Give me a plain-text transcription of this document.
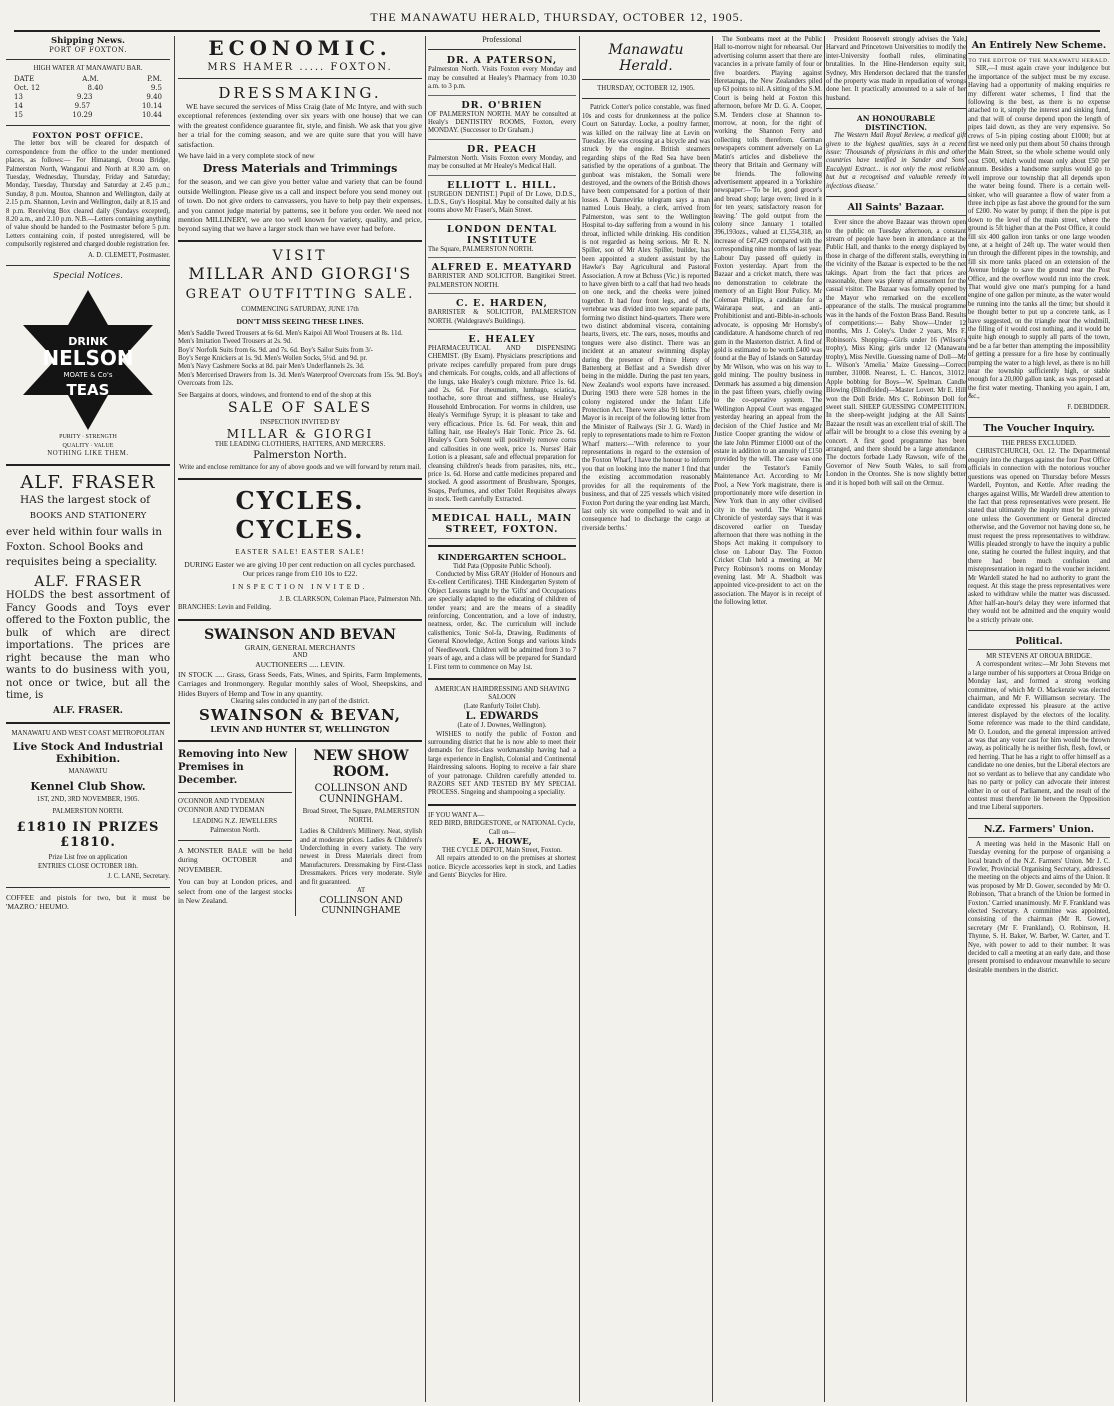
THE MANAWATU HERALD, THURSDAY, OCTOBER 12, 1905.
Shipping News.
PORT OF FOXTON.
HIGH WATER AT MANAWATU BAR.
DATE	A.M.	P.M.
Oct. 12	8.40	9.5
13	9.23	9.40
14	9.57	10.14
15	10.29	10.44
FOXTON POST OFFICE.
The letter box will be cleared for despatch of correspondence from the office to the under mentioned places, as follows:— For Himatangi, Oroua Bridge, Palmerston North, Wanganui and North at 8.30 a.m. on Tuesday, Wednesday, Thursday, Friday and Saturday; Monday, Tuesday, Thursday and Saturday at 2.45 p.m.; Sunday, 8 p.m. Moutoa, Shannon and Wellington, daily at 2.15 p.m. Shannon, Levin and Wellington, daily at 8.15 and 8 p.m. Receiving Box cleared daily (Sundays excepted), 8.20 a.m., and 2.10 p.m. N.B.—Letters containing anything of value should be handed to the Postmaster before 5 p.m. Letters containing coin, if posted unregistered, will be compulsorily registered and charged double registration fee.
A. D. CLEMETT, Postmaster.
Special Notices.
DRINK
NELSON
MOATE & Co's
TEAS
PURITY · STRENGTH
QUALITY · VALUE
NOTHING LIKE THEM.
ALF. FRASER
HAS the largest stock of
BOOKS AND STATIONERY
ever held within four walls in Foxton. School Books and requisites being a speciality.
ALF. FRASER
HOLDS the best assortment of Fancy Goods and Toys ever offered to the Foxton public, the bulk of which are direct importations. The prices are right because the man who wants to do business with you, not once or twice, but all the time, is
ALF. FRASER.
MANAWATU AND WEST COAST METROPOLITAN
Live Stock And Industrial Exhibition.
MANAWATU
Kennel Club Show.
1ST, 2ND, 3RD NOVEMBER, 1905.
PALMERSTON NORTH.
£1810 IN PRIZES £1810.
Prize List free on application
ENTRIES CLOSE OCTOBER 18th.
J. C. LANE, Secretary.
COFFEE and pistols for two, but it must be 'MAZRO.' HEUMO.
ECONOMIC.
MRS HAMER ..... FOXTON.
DRESSMAKING.
WE have secured the services of Miss Craig (late of Mc Intyre, and with such exceptional references (extending over six years with one house) that we can with the greatest confidence guarantee fit, style, and finish. We ask that you give her a trial for the coming season, and we are quite sure that you will have satisfaction.
We have laid in a very complete stock of new
Dress Materials and Trimmings
for the season, and we can give you better value and variety that can be found outside Wellington. Please give us a call and inspect before you send money out of town. Do not give orders to canvassers, you have to help pay their expenses, and you cannot judge material by patterns, see it before you order. We need not mention MILLINERY, we are too well known for variety, quality, and price, beyond saying that we have a larger stock than we have ever had before.
VISIT
MILLAR AND GIORGI'S
GREAT OUTFITTING SALE.
COMMENCING SATURDAY, JUNE 17th
DON'T MISS SEEING THESE LINES.
Men's Saddle Tweed Trousers at 6s 6d. Men's Kaipoi All Wool Trousers at 8s. 11d.
Men's Imitation Tweed Trousers at 2s. 9d.
Boy's' Norfolk Suits from 6s. 9d. and 7s. 6d. Boy's Sailor Suits from 3/-
Boy's Serge Knickers at 1s. 9d. Men's Wollen Socks, 5½d. and 9d. pr.
Men's Navy Cashmere Socks at 8d. pair Men's Underflannels 2s. 3d.
Men's Mercerised Drawers from 1s. 3d. Men's Waterproof Overcoats from 15s. 9d. Boy's Overcoats from 12s.
See Bargains at doors, windows, and frontend to end of the shop at this
SALE OF SALES
INSPECTION INVITED BY
MILLAR & GIORGI
THE LEADING CLOTHIERS, HATTERS, AND MERCERS.
Palmerston North.
Write and enclose remittance for any of above goods and we will forward by return mail.
CYCLES. CYCLES.
EASTER SALE! EASTER SALE!
DURING Easter we are giving 10 per cent reduction on all cycles purchased. Our prices range from £10 10s to £22.
INSPECTION INVITED.
J. B. CLARKSON, Coleman Place, Palmerston Nth.
BRANCHES: Levin and Feilding.
SWAINSON AND BEVAN
GRAIN, GENERAL MERCHANTS
AND
AUCTIONEERS ..... LEVIN.
IN STOCK ..... Grass, Grass Seeds, Fats, Wines, and Spirits, Farm Implements, Carriages and Ironmongery. Regular monthly sales of Wool, Sheepskins, and Hides Buyers of Hemp and Tow in any quantity.
Clearing sales conducted in any part of the district.
SWAINSON & BEVAN,
LEVIN AND HUNTER ST, WELLINGTON
Removing into New Premises in December.
O'CONNOR AND TYDEMAN
O'CONNOR AND TYDEMAN
LEADING N.Z. JEWELLERS
Palmerston North.
A MONSTER BALE will be held during OCTOBER and NOVEMBER.
You can buy at London prices, and select from one of the largest stocks in New Zealand.
NEW SHOW ROOM.
COLLINSON AND CUNNINGHAM.
Broad Street, The Square, PALMERSTON NORTH.
Ladies & Children's Millinery. Neat, stylish and at moderate prices. Ladies & Children's Underclothing in every variety. The very newest in Dress Materials direct from Manufacturers. Dressmaking by First-Class Dressmakers. Prices very moderate. Style and fit guaranteed.
AT
COLLINSON AND CUNNINGHAME
Professional
DR. A PATERSON,
Palmerston North. Visits Foxton every Monday and may be consulted at Healey's Pharmacy from 10.30 a.m. to 3 p.m.
DR. O'BRIEN
OF PALMERSTON NORTH. MAY be consulted at Healy's DENTISTRY ROOMS, Foxton, every MONDAY. (Successor to Dr Graham.)
DR. PEACH
Palmerston North. Visits Foxton every Monday, and may be consulted at Mr Healey's Medical Hall.
ELLIOTT L. HILL.
[SURGEON DENTIST.] Pupil of Dr Lowe, D.D.S., L.D.S., Guy's Hospital. May be consulted daily at his rooms above Mr Fraser's, Main Street.
LONDON DENTAL INSTITUTE
The Square, PALMERSTON NORTH.
ALFRED E. MEATYARD
BARRISTER AND SOLICITOR. Bangitikei Street. PALMERSTON NORTH.
C. E. HARDEN,
BARRISTER & SOLICITOR, PALMERSTON NORTH. (Waldegrave's Buildings).
E. HEALEY
PHARMACEUTICAL AND DISPENSING CHEMIST. (By Exam). Physicians prescriptions and private recipes carefully prepared from pure drugs and chemicals. For coughs, colds, and all affections of the lungs, take Healey's cough mixture. Price 1s. 6d. and 2s. 6d. For rheumatism, lumbago, sciatica, toothache, sore throat and stiffness, use Healey's Household Embrocation. For worms in children, use Healy's Vermifuge Syrup; it is pleasant to take and very efficacious. Price 1s. 6d. For weak, thin and falling hair, use Healey's Hair Tonic. Price 2s. 6d. Healey's Corn Solvent will positively remove corns and callosities in one week, price 1s. Nurses' Hair Lotion is a pleasant, safe and effectual preparation for cleansing children's heads from parasites, nits, etc., price 1s. 6d. Horse and cattle medicines prepared and stocked. A good assortment of Brushware, Sponges, Soaps, Perfumes, and other Toilet Requisites always in stock. Teeth carefully Extracted.
MEDICAL HALL, MAIN STREET, FOXTON.
KINDERGARTEN SCHOOL.
Tidd Pata (Opposite Public School).
Conducted by Miss GRAY (Holder of Honours and Ex-cellent Certificates). THE Kindergarten System of Object Lessons taught by the 'Gifts' and Occupations are specially adapted to the educating of children of tender years; and are the means of a steadily reinforcing, Concentration, and a love of industry, neatness, order, &c. The curriculum will include calisthenics, Tonic Sol-fa, Drawing, Rudiments of General Knowledge, Action Songs and various kinds of Needlework. Children will be admitted from 3 to 7 years of age, and a class will be prepared for Standard I. First term to commence on May 1st.
AMERICAN HAIRDRESSING AND SHAVING SALOON
(Late Ranfurly Toilet Club).
L. EDWARDS
(Late of J. Downes, Wellington).
WISHES to notify the public of Foxton and surrounding district that he is now able to meet their demands for first-class workmanship having had a large experience in English, Colonial and Continental Hairdressing saloons. Hoping to receive a fair share of your patronage. Children carefully attended to. RAZORS SET AND TESTED BY MY SPECIAL PROCESS. Singeing and shampooing a speciality.
IF YOU WANT A—
RED BIRD, BRIDGESTONE, or NATIONAL Cycle, Call on—
E. A. HOWE,
THE CYCLE DEPOT, Main Street, Foxton.
All repairs attended to on the premises at shortest notice. Bicycle accessories kept in stock, and Ladies and Gents' Bicycles for Hire.
Manawatu Herald.
THURSDAY, OCTOBER 12, 1905.
Patrick Cotter's police constable, was fined 10s and costs for drunkenness at the police Court on Saturday. Locke, a poultry farmer, was killed on the railway line at Levin on Tuesday. He was crossing at a bicycle and was struck by the engine. British steamers regarding ships of the Red Sea have been satisfied by the operations of a gunboat. The gunboat was mistaken, the Somali were destroyed, and the owners of the British dhows have been compensated for a portion of their losses. A Dannevirke telegram says a man named Louis Healy, a clerk, arrived from Palmerston, was sent to the Wellington Hospital to-day suffering from a wound in his throat, inflicted while drinking. His condition is not regarded as being serious. Mr R. N. Spiller, son of Mr Alex Spiller, builder, has been appointed a student assistant by the Hawke's Bay Agricultural and Pastoral Association. A row at Bchuss (Vic.) is reported to have given birth to a calf that had two heads on one neck, and the cheeks were joined together. It had four front legs, and of the vertebrae was divided into two separate parts, forming two distinct hind-quarters. There were two distinct abdominal viscera, containing hearts, livers, etc. The ears, noses, mouths and tongues were also distinct. There was an incident at an amateur swimming display during the presence of Prince Henry of Battenberg at Belfast and a Swedish diver being in the middle. During the past ten years, New Zealand's wool exports have increased. During 1903 there were 528 homes in the colony registered under the Infant Life Protection Act. There were also 91 births. The Mayor is in receipt of the following letter from the Minister of Railways (Sir J. G. Ward) in reply to representations made to him re Foxton Wharf matters:—'With reference to your representations in regard to the extension of the Foxton Wharf, I have the honour to inform you that on looking into the matter I find that the existing accommodation reasonably provides for all the requirements of the business, and that of 225 vessels which visited Foxton Port during the year ending last March, last only six were compelled to wait and in consequence had to discharge the cargo at riverside berths.'
The Sonbeams meet at the Public Hall to-morrow night for rehearsal. Our advertising column assert that there are vacancies in a private family of four or five boarders. Playing against Heretaunga, the New Zealanders piled up 63 points to nil. A sitting of the S.M. Court is being held at Foxton this afternoon, before Mr D. G. A. Cooper, S.M. Tenders close at Shannon to-morrow, at noon, for the right of working the Shannon Ferry and collecting tolls therefrom. German newspapers comment adversely on La Matin's articles and disbelieve the theory that Britain and Germany will be friends. The following advertisement appeared in a Yorkshire newspaper:—'To be let, good grocer's and bread shop; large oven; lived in it for ten years; satisfactory reason for leaving.' The gold output from the colony since January 1 totalled 396,193ozs., valued at £1,554,318, an increase of £47,429 compared with the corresponding nine months of last year. Labour Day passed off quietly in Foxton yesterday. Apart from the Bazaar and a cricket match, there was no demonstration to celebrate the memory of an Eight Hour Policy. Mr Coleman Phillips, a candidate for a Wairarapa seat, and an anti-Prohibitionist and anti-Bible-in-schools advocate, is opposing Mr Hornsby's candidature. A handsome church of red gum in the Masterton district. A find of gold is estimated to be worth £400 was found at the Bay of Islands on Saturday by Mr Wilson, who was on his way to gold mining. The poultry business in Denmark has assumed a big dimension in the past fifteen years, chiefly owing to the co-operative system. The Wellington Appeal Court was engaged yesterday hearing an appeal from the decision of the Chief Justice and Mr Justice Cooper granting the widow of the late John Plimmer £1000 out of the estate in addition to an annuity of £150 provided by the will. The case was one under the Testator's Family Maintenance Act. According to Mr Pool, a New York magistrate, there is proportionately more wife desertion in New York than in any other civilised city in the world. The Wanganui Chronicle of yesterday says that it was discovered earlier on Tuesday afternoon that there was nothing in the Shops Act making it compulsory to close on Labour Day. The Foxton Cricket Club held a meeting at Mr Percy Robinson's rooms on Monday evening last. Mr A. Shadbolt was appointed vice-president to act on the association. The Mayor is in receipt of the following letter.
President Roosevelt strongly advises the Yale, Harvard and Princetown Universities to modify the inter-University football rules, eliminating brutalities. In the Hine-Henderson equity suit, Sydney, Mrs Henderson declared that the transfer of the property was made in repudiation of wrongs done her. It practically amounted to a sale of her husband.
AN HONOURABLE DISTINCTION.
The Western Mail Royal Review, a medical gift given to the highest qualities, says in a recent issue: 'Thousands of physicians in this and other countries have testified in Sander and Sons' Eucalypti Extract... is not only the most reliable but but a recognised and valuable remedy in infectious disease.'
All Saints' Bazaar.
Ever since the above Bazaar was thrown open to the public on Tuesday afternoon, a constant stream of people have been in attendance at the Public Hall, and thanks to the energy displayed by those in charge of the different stalls, everything in the vicinity of the Bazaar is expected to be the net takings. Apart from the fact that prices are reasonable, there was plenty of amusement for the casual visitor. The Bazaar was formally opened by the Mayor who remarked on the excellent appearance of the stalls. The musical programme was in the hands of the Foxton Brass Band. Results of competitions:— Baby Show—Under 12 months, Mrs J. Coley's. Under 2 years, Mrs F. Robinson's. Shopping—Girls under 16 (Wilson's trophy), Miss King; girls under 12 (Manawatu trophy), Miss Neville. Guessing name of Doll—Mr L. Wilson's 'Amelia.' Maize Guessing—Correct number, 31008. Nearest, L. C. Hancox, 31012. Apple bobbing for Boys—W. Spelman. Candle Blowing (Blindfolded)—Master Lovett. Mr E. Hill won the Doll Bride. Mrs C. Robinson Doll for sweet stall. SHEEP GUESSING COMPETITION. In the sheep-weight judging at the All Saints' Bazaar the result was an excellent trial of skill. The affair will be brought to a close this evening by a concert. A first good programme has been arranged, and there should be a large attendance. The doctors forbade Lady Rawson, wife of the Governor of New South Wales, to sail from London in the Orontes. She is now slightly better and it is hoped both will sail on the Ormuz.
An Entirely New Scheme.
TO THE EDITOR OF THE MANAWATU HERALD.
SIR,—I must again crave your indulgence but the importance of the subject must be my excuse. Having had a opportunity of making enquiries re my different water schemes, I find that the following is the best, as there is no expense attached to it, simply the interest and sinking fund, and that will of course depend upon the length of pipes laid down, as they are very expensive. So crews of 5-in piping costing about £1000; but at first we need only put them about 50 chains through the Main Street, so the whole scheme would only cost £500, which would mean only about £50 per annum. Besides a handsome surplus would go to well improve our township that all depends upon the water being found. There is a certain well-sinker, who will guarantee a flow of water from a three inch pipe as fast above the ground for the sum of £200. No water by pump; if then the pipe is put down to the level of the main street, where the ground is 5ft higher than at the Post Office, it could fill six 400 gallon iron tanks or one large wooden one, at a height of 24ft up. The water would then run through the different pipes in the township, and fill six more tanks placed on an extension of the Avenue bridge to save the ground near the Post Office, and the overflow would run into the creek. That would give one man's pumping for a hand engine of one gallon per minute, as the water would be running into the tanks all the time; but should it be thought better to put up a concrete tank, as I have suggested, on the triangle near the windmill, the filling of it would cost nothing, and it would be quite high enough to supply all parts of the town, and be a far better than attempting the impossibility of getting a pressure for a fire hose by continually pumping the water to a high level, as there is no hill near the township sufficiently high, or stable enough for a 20,000 gallon tank, as was proposed at the first water meeting. Thanking you again, I am, &c.,
F. DEBIDDER.
The Voucher Inquiry.
THE PRESS EXCLUDED.
CHRISTCHURCH, Oct. 12. The Departmental enquiry into the charges against the four Post Office officials in connection with the notorious voucher questions was opened on Thursday before Messrs Wardell, Poynton, and Kettle. After reading the charges against Willis, Mr Wardell drew attention to the fact that press representatives were present. He stated that ultimately the inquiry must be a private one unless the Government or General directed otherwise, and the Governor not having done so, he must request the press representatives to withdraw. Willis pleaded strongly to have the inquiry a public one, stating he courted the fullest inquiry, and that there had been much confusion and misrepresentation in regard to the voucher incident. Mr Wardell stated he had no authority to grant the request. At this stage the press representatives were asked to withdraw while the matter was discussed. After half-an-hour's delay they were informed that they would not be admitted and the enquiry would be a strictly private one.
Political.
MR STEVENS AT OROUA BRIDGE.
A correspondent writes:—Mr John Stevens met a large number of his supporters at Oroua Bridge on Monday last, and formed a strong working committee, of which Mr O. Mackenzie was elected chairman, and Mr F. Williamson secretary. The candidate expressed his pleasure at the active interest displayed by the electors of the locality. Some reference was made to the third candidate, Mr O. Loudon, and the general impression arrived at was that any voter cast for him would be thrown away, as politically he is neither fish, flesh, fowl, or red herring. That he has a right to offer himself as a candidate no one denies, but the Liberal electors are not so verdant as to believe that any candidate who has no party or policy can advocate their interest either in or out of Parliament, and the result of the contest must therefore lie between the Opposition and true Liberal supporters.
N.Z. Farmers' Union.
A meeting was held in the Masonic Hall on Tuesday evening for the purpose of organising a local branch of the N.Z. Farmers' Union. Mr J. C. Fowler, Provincial Organising Secretary, addressed the meeting on the objects and aims of the Union. It was proposed by Mr D. Gower, seconded by Mr O. Robinson, 'That a branch of the Union be formed in Foxton.' Carried unanimously. Mr F. Frankland was elected Secretary. A committee was appointed, consisting of the chairman (Mr R. Gower), secretary (Mr F. Frankland), O. Robinson, H. Thynne, S. H. Baker, W. Barber, W. Carter, and T. Nye, with power to add to their number. It was decided to call a meeting at an early date, and those present promised to endeavour meanwhile to secure desirable members in the district.
